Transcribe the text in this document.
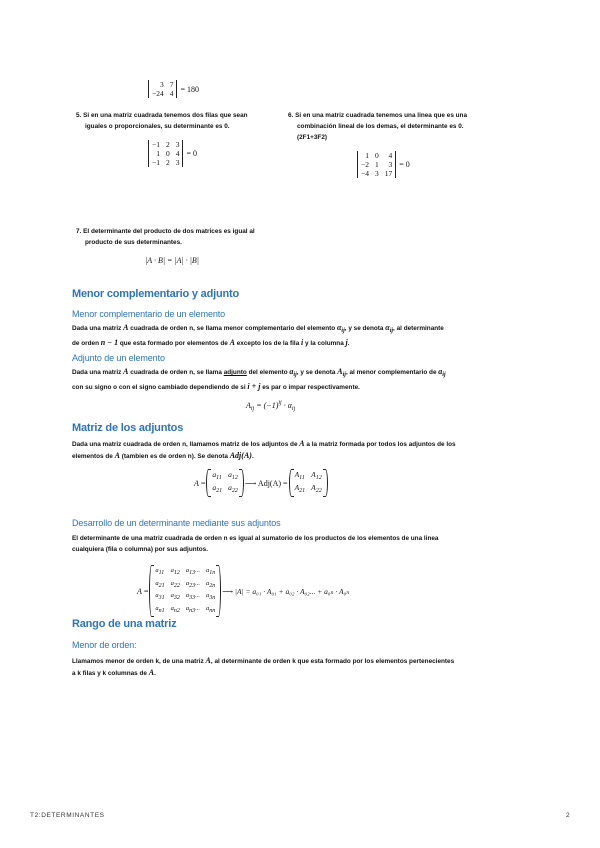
3 7
−24 4 = 180
5. Si en una matriz cuadrada tenemos dos filas que sean
iguales o proporcionales, su determinante es 0.
−1 2 3
1 0 4
−1 2 3
= 0
6. Si en una matriz cuadrada tenemos una linea que es una
combinación lineal de los demas, el determinante es 0.
(2F1+3F2)
1 0	4
−2 1	3
−4 3 17
= 0
7. El determinante del producto de dos matrices es igual al
producto de sus determinantes.
|A · B| = |A| · |B|
Menor complementario y adjunto
Menor complementario de un elemento
Dada una matriz A cuadrada de orden n, se llama menor complementario del elemento $\alpha_{ij}$, y se denota $\alpha_{ij}$, al determinante
de orden n − 1 que esta formado por elementos de A excepto los de la fila i y la columna j.
Adjunto de un elemento
Dada una matriz A cuadrada de orden n, se llama adjunto del elemento $a_{ij}$, y se denota $A_{ij}$, al menor complementario de $a_{ij}$
con su signo o con el signo cambiado dependiendo de si i + j es par o impar respectivamente.
$A_{ij} = (-1)^{ij} \cdot \alpha_{ij}$
Matriz de los adjuntos
Dada una matriz cuadrada de orden n, llamamos matriz de los adjuntos de A a la matriz formada por todos los adjuntos de los
elementos de A (tambien es de orden n). Se denota Adj(A).
A =
$a_{11}$ $a_{12}$
$a_{21}$ $a_{22}$

⟶ Adj(A) =

$A_{11}$ $A_{12}$
$A_{21}$ $A_{22}$
Desarrollo de un determinante mediante sus adjuntos
El determinante de una matriz cuadrada de orden n es igual al sumatorio de los productos de los elementos de una linea
cualquiera (fila o columna) por sus adjuntos.
A =
a11 a12 a13... a1n
a21 a22 a23... a2n
a31 a32 a33... a3n
an1 an2 an3... ann

⟶ |A| = a₀₁ · A₀₁ + a₀₂ · A₀₂... + a₀ₙ · A₀ₙ
Rango de una matriz
Menor de orden:
Llamamos menor de orden k, de una matriz A, al determinante de orden k que esta formado por los elementos pertenecientes
a k filas y k columnas de A.
T2:DETERMINANTES	2
